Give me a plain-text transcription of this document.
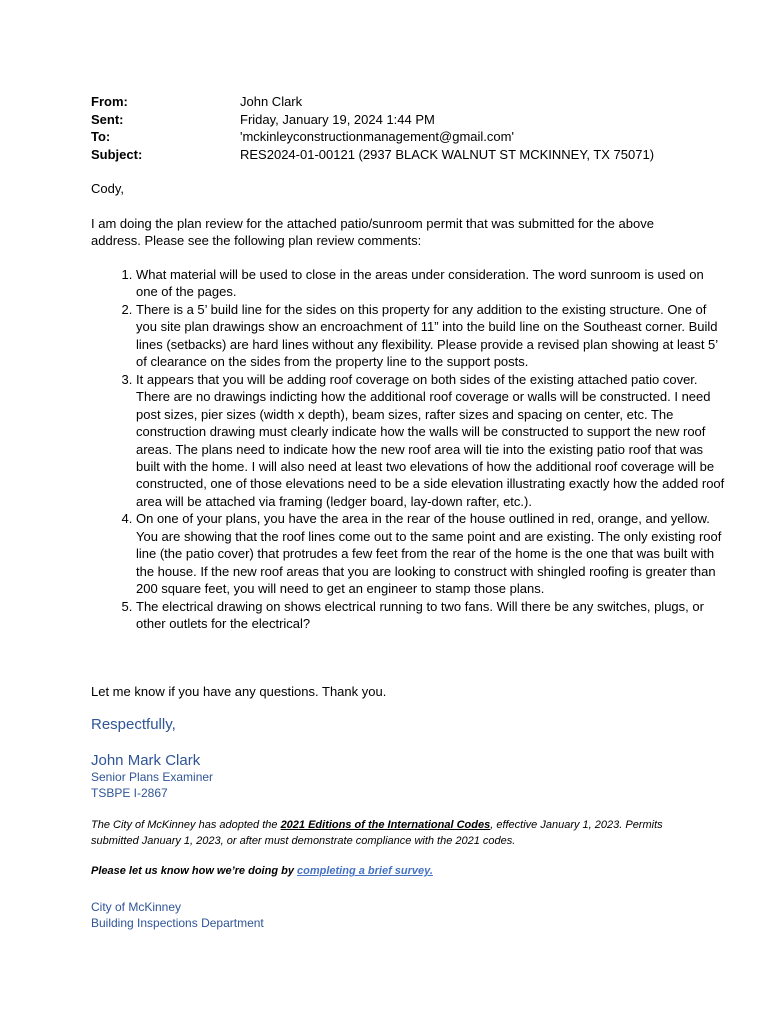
From:	John Clark
Sent:	Friday, January 19, 2024 1:44 PM
To:	'mckinleyconstructionmanagement@gmail.com'
Subject:	RES2024-01-00121 (2937 BLACK WALNUT ST MCKINNEY, TX 75071)
Cody,
I am doing the plan review for the attached patio/sunroom permit that was submitted for the above address. Please see the following plan review comments:
1. What material will be used to close in the areas under consideration. The word sunroom is used on one of the pages.
2. There is a 5’ build line for the sides on this property for any addition to the existing structure. One of you site plan drawings show an encroachment of 11” into the build line on the Southeast corner. Build lines (setbacks) are hard lines without any flexibility. Please provide a revised plan showing at least 5’ of clearance on the sides from the property line to the support posts.
3. It appears that you will be adding roof coverage on both sides of the existing attached patio cover. There are no drawings indicting how the additional roof coverage or walls will be constructed. I need post sizes, pier sizes (width x depth), beam sizes, rafter sizes and spacing on center, etc. The construction drawing must clearly indicate how the walls will be constructed to support the new roof areas. The plans need to indicate how the new roof area will tie into the existing patio roof that was built with the home. I will also need at least two elevations of how the additional roof coverage will be constructed, one of those elevations need to be a side elevation illustrating exactly how the added roof area will be attached via framing (ledger board, lay-down rafter, etc.).
4. On one of your plans, you have the area in the rear of the house outlined in red, orange, and yellow. You are showing that the roof lines come out to the same point and are existing. The only existing roof line (the patio cover) that protrudes a few feet from the rear of the home is the one that was built with the house. If the new roof areas that you are looking to construct with shingled roofing is greater than 200 square feet, you will need to get an engineer to stamp those plans.
5. The electrical drawing on shows electrical running to two fans. Will there be any switches, plugs, or other outlets for the electrical?
Let me know if you have any questions. Thank you.
Respectfully,
John Mark Clark
Senior Plans Examiner
TSBPE I-2867
The City of McKinney has adopted the 2021 Editions of the International Codes, effective January 1, 2023. Permits submitted January 1, 2023, or after must demonstrate compliance with the 2021 codes.
Please let us know how we’re doing by completing a brief survey.
City of McKinney
Building Inspections Department
